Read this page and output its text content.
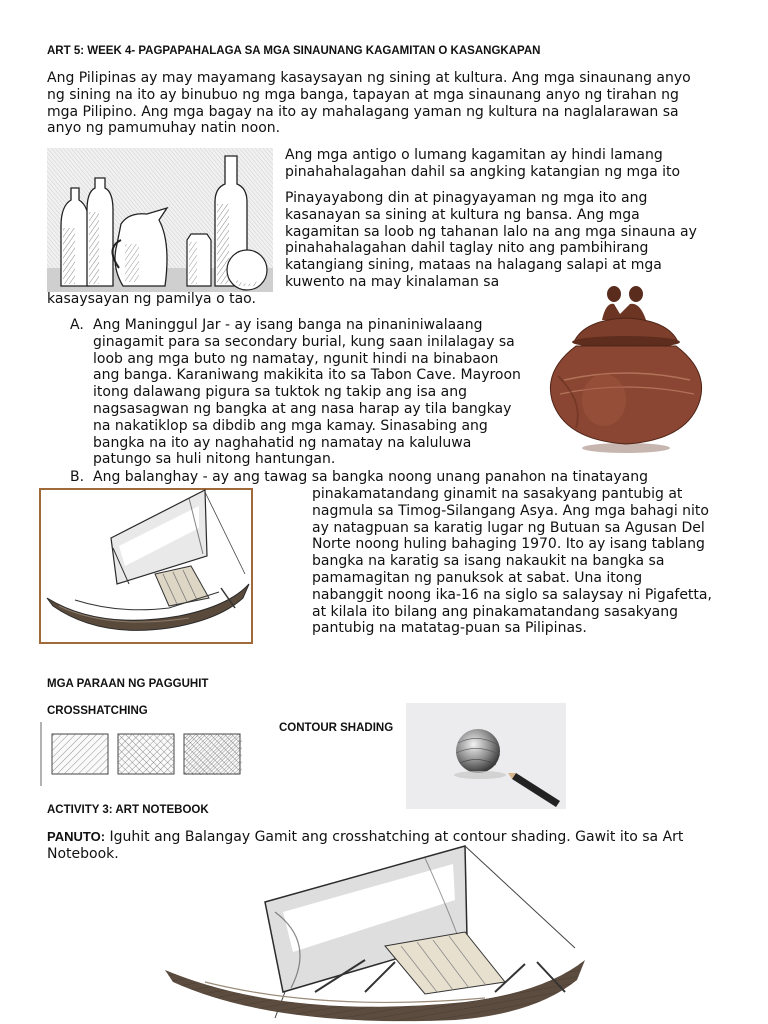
ART 5: WEEK 4- PAGPAPAHALAGA SA MGA SINAUNANG KAGAMITAN O KASANGKAPAN
Ang Pilipinas ay may mayamang kasaysayan ng sining at kultura. Ang mga sinaunang anyo
ng sining na ito ay binubuo ng mga banga, tapayan at mga sinaunang anyo ng tirahan ng
mga Pilipino. Ang mga bagay na ito ay mahalagang yaman ng kultura na naglalarawan sa
anyo ng pamumuhay natin noon.
Ang mga antigo o lumang kagamitan ay hindi lamang
pinahahalagahan dahil sa angking katangian ng mga ito
Pinayayabong din at pinagyayaman ng mga ito ang
kasanayan sa sining at kultura ng bansa. Ang mga
kagamitan sa loob ng tahanan lalo na ang mga sinauna ay
pinahahalagahan dahil taglay nito ang pambihirang
katangiang sining, mataas na halagang salapi at mga
kuwento na may kinalaman sa
kasaysayan ng pamilya o tao.
A. Ang Maninggul Jar - ay isang banga na pinaniniwalaang
ginagamit para sa secondary burial, kung saan inilalagay sa
loob ang mga buto ng namatay, ngunit hindi na binabaon
ang banga. Karaniwang makikita ito sa Tabon Cave. Mayroon
itong dalawang pigura sa tuktok ng takip ang isa ang
nagsasagwan ng bangka at ang nasa harap ay tila bangkay
na nakatiklop sa dibdib ang mga kamay. Sinasabing ang
bangka na ito ay naghahatid ng namatay na kaluluwa
patungo sa huli nitong hantungan.
B. Ang balanghay - ay ang tawag sa bangka noong unang panahon na tinatayang
pinakamatandang ginamit na sasakyang pantubig at
nagmula sa Timog-Silangang Asya. Ang mga bahagi nito
ay natagpuan sa karatig lugar ng Butuan sa Agusan Del
Norte noong huling bahaging 1970. Ito ay isang tablang
bangka na karatig sa isang nakaukit na bangka sa
pamamagitan ng panuksok at sabat. Una itong
nabanggit noong ika-16 na siglo sa salaysay ni Pigafetta,
at kilala ito bilang ang pinakamatandang sasakyang
pantubig na matatag-puan sa Pilipinas.
MGA PARAAN NG PAGGUHIT
CROSSHATCHING
CONTOUR SHADING
ACTIVITY 3: ART NOTEBOOK
PANUTO: Iguhit ang Balangay Gamit ang crosshatching at contour shading. Gawit ito sa Art
Notebook.
